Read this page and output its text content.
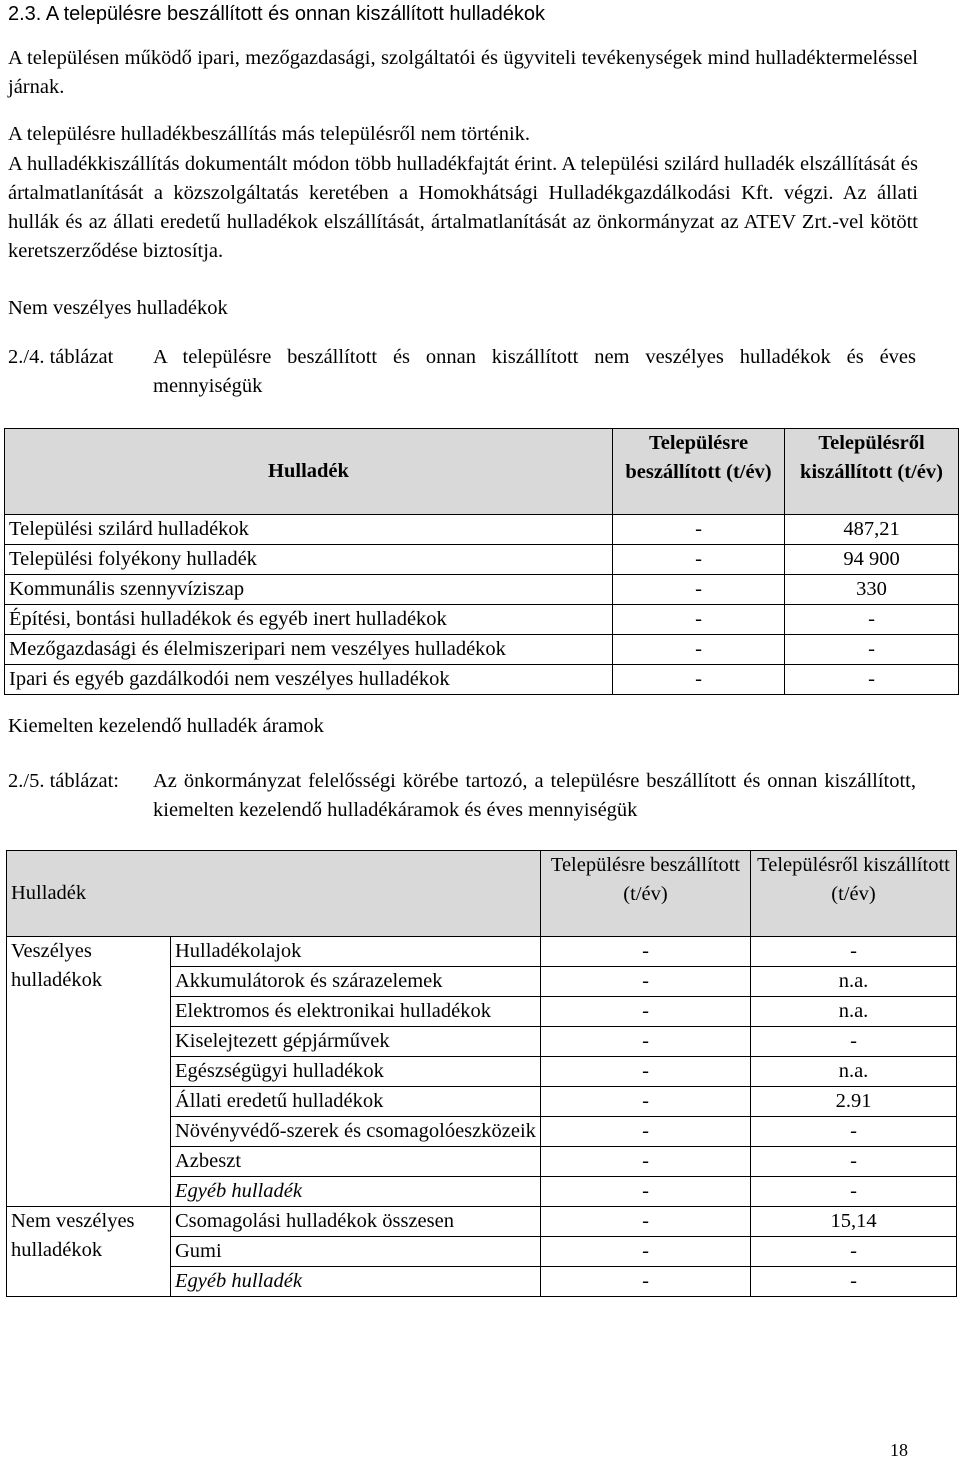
2.3. A településre beszállított és onnan kiszállított hulladékok
A településen működő ipari, mezőgazdasági, szolgáltatói és ügyviteli tevékenységek mind hulladéktermeléssel járnak.
A településre hulladékbeszállítás más településről nem történik.
A hulladékkiszállítás dokumentált módon több hulladékfajtát érint. A települési szilárd hulladék elszállítását és ártalmatlanítását a közszolgáltatás keretében a Homokhátsági Hulladékgazdálkodási Kft. végzi. Az állati hullák és az állati eredetű hulladékok elszállítását, ártalmatlanítását az önkormányzat az ATEV Zrt.-vel kötött keretszerződése biztosítja.
Nem veszélyes hulladékok
2./4. táblázat	A településre beszállított és onnan kiszállított nem veszélyes hulladékok és éves mennyiségük
Hulladék	Településre beszállított (t/év)	Településről kiszállított (t/év)
Települési szilárd hulladékok	-	487,21
Települési folyékony hulladék	-	94 900
Kommunális szennyvíziszap	-	330
Építési, bontási hulladékok és egyéb inert hulladékok	-	-
Mezőgazdasági és élelmiszeripari nem veszélyes hulladékok	-	-
Ipari és egyéb gazdálkodói nem veszélyes hulladékok	-	-
Kiemelten kezelendő hulladék áramok
2./5. táblázat:	Az önkormányzat felelősségi körébe tartozó, a településre beszállított és onnan kiszállított, kiemelten kezelendő hulladékáramok és éves mennyiségük
Hulladék		Településre beszállított (t/év)	Településről kiszállított (t/év)
Veszélyes hulladékok	Hulladékolajok	-	-
	Akkumulátorok és szárazelemek	-	n.a.
	Elektromos és elektronikai hulladékok	-	n.a.
	Kiselejtezett gépjárművek	-	-
	Egészségügyi hulladékok	-	n.a.
	Állati eredetű hulladékok	-	2.91
	Növényvédő-szerek és csomagolóeszközeik	-	-
	Azbeszt	-	-
	Egyéb hulladék	-	-
Nem veszélyes hulladékok	Csomagolási hulladékok összesen	-	15,14
	Gumi	-	-
	Egyéb hulladék	-	-
18
